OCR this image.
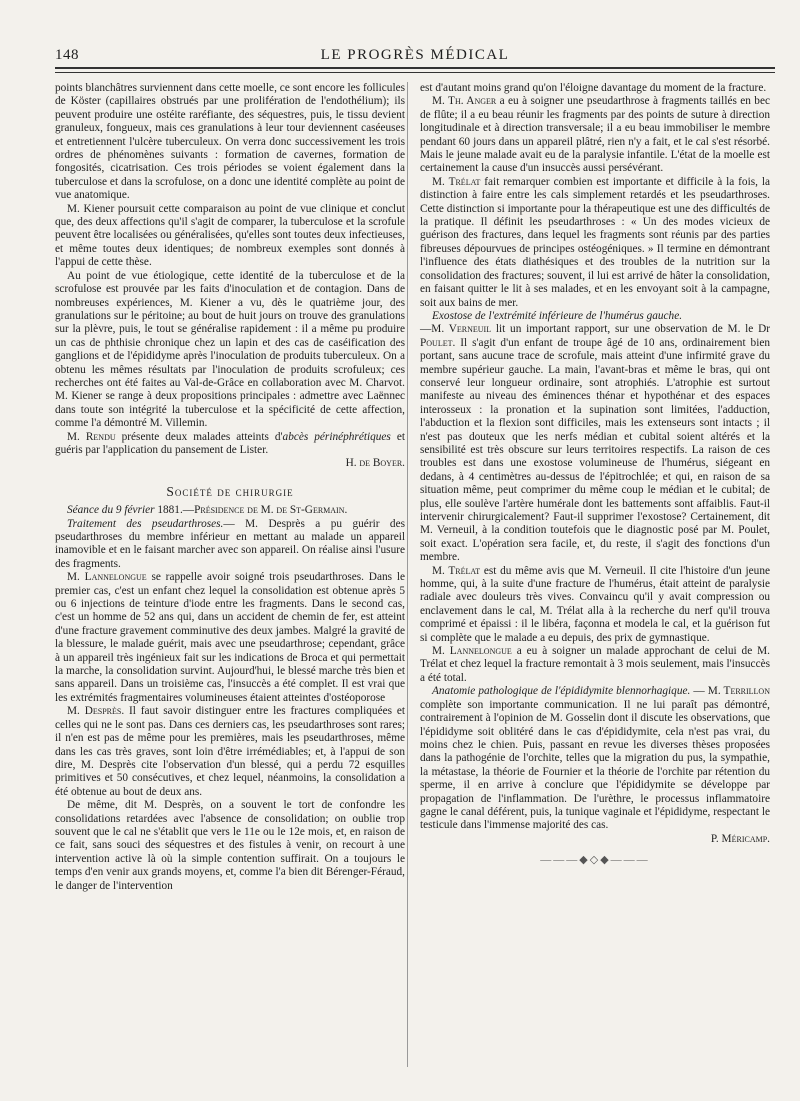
148	LE PROGRÈS MÉDICAL

points blanchâtres surviennent dans cette moelle, ce sont encore les follicules de Köster (capillaires obstrués par une prolifération de l'endothélium); ils peuvent produire une ostéite raréfiante, des séquestres, puis, le tissu devient granuleux, fongueux, mais ces granulations à leur tour deviennent caséeuses et entretiennent l'ulcère tuberculeux. On verra donc successivement les trois ordres de phénomènes suivants : formation de cavernes, formation de fongosités, cicatrisation. Ces trois périodes se voient également dans la tuberculose et dans la scrofulose, on a donc une identité complète au point de vue anatomique.

M. Kiener poursuit cette comparaison au point de vue clinique et conclut que, des deux affections qu'il s'agit de comparer, la tuberculose et la scrofule peuvent être localisées ou généralisées, qu'elles sont toutes deux infectieuses, et même toutes deux identiques; de nombreux exemples sont donnés à l'appui de cette thèse.

Au point de vue étiologique, cette identité de la tuberculose et de la scrofulose est prouvée par les faits d'inoculation et de contagion. Dans de nombreuses expériences, M. Kiener a vu, dès le quatrième jour, des granulations sur le péritoine; au bout de huit jours on trouve des granulations sur la plèvre, puis, le tout se généralise rapidement : il a même pu produire un cas de phthisie chronique chez un lapin et des cas de caséification des ganglions et de l'épididyme après l'inoculation de produits tuberculeux. On a obtenu les mêmes résultats par l'inoculation de produits scrofuleux; ces recherches ont été faites au Val-de-Grâce en collaboration avec M. Charvot. M. Kiener se range à deux propositions principales : admettre avec Laënnec dans toute son intégrité la tuberculose et la spécificité de cette affection, comme l'a démontré M. Villemin.

M. Rendu présente deux malades atteints d'abcès périnéphrétiques et guéris par l'application du pansement de Lister.

H. de Boyer.

Société de chirurgie

Séance du 9 février 1881.—Présidence de M. de St-Germain.

Traitement des pseudarthroses.— M. Desprès a pu guérir des pseudarthroses du membre inférieur en mettant au malade un appareil inamovible et en le faisant marcher avec son appareil. On réalise ainsi l'usure des fragments.

M. Lannelongue se rappelle avoir soigné trois pseudarthroses. Dans le premier cas, c'est un enfant chez lequel la consolidation est obtenue après 5 ou 6 injections de teinture d'iode entre les fragments. Dans le second cas, c'est un homme de 52 ans qui, dans un accident de chemin de fer, est atteint d'une fracture gravement comminutive des deux jambes. Malgré la gravité de la blessure, le malade guérit, mais avec une pseudarthrose; cependant, grâce à un appareil très ingénieux fait sur les indications de Broca et qui permettait la marche, la consolidation survint. Aujourd'hui, le blessé marche très bien et sans appareil. Dans un troisième cas, l'insuccès a été complet. Il est vrai que les extrémités fragmentaires volumineuses étaient atteintes d'ostéoporose

M. Desprès. Il faut savoir distinguer entre les fractures compliquées et celles qui ne le sont pas. Dans ces derniers cas, les pseudarthroses sont rares; il n'en est pas de même pour les premières, mais les pseudarthroses, même dans les cas très graves, sont loin d'être irrémédiables; et, à l'appui de son dire, M. Desprès cite l'observation d'un blessé, qui a perdu 72 esquilles primitives et 50 consécutives, et chez lequel, néanmoins, la consolidation a été obtenue au bout de deux ans.

De même, dit M. Desprès, on a souvent le tort de confondre les consolidations retardées avec l'absence de consolidation; on oublie trop souvent que le cal ne s'établit que vers le 11e ou le 12e mois, et, en raison de ce fait, sans souci des séquestres et des fistules à venir, on recourt à une intervention active là où la simple contention suffirait. On a toujours le temps d'en venir aux grands moyens, et, comme l'a bien dit Bérenger-Féraud, le danger de l'intervention

est d'autant moins grand qu'on l'éloigne davantage du moment de la fracture.

M. Th. Anger a eu à soigner une pseudarthrose à fragments taillés en bec de flûte; il a eu beau réunir les fragments par des points de suture à direction longitudinale et à direction transversale; il a eu beau immobiliser le membre pendant 60 jours dans un appareil plâtré, rien n'y a fait, et le cal s'est résorbé. Mais le jeune malade avait eu de la paralysie infantile. L'état de la moelle est certainement la cause d'un insuccès aussi persévérant.

M. Trélat fait remarquer combien est importante et difficile à la fois, la distinction à faire entre les cals simplement retardés et les pseudarthroses. Cette distinction si importante pour la thérapeutique est une des difficultés de la pratique. Il définit les pseudarthroses : « Un des modes vicieux de guérison des fractures, dans lequel les fragments sont réunis par des parties fibreuses dépourvues de principes ostéogéniques. » Il termine en démontrant l'influence des états diathésiques et des troubles de la nutrition sur la consolidation des fractures; souvent, il lui est arrivé de hâter la consolidation, en faisant quitter le lit à ses malades, et en les envoyant soit à la campagne, soit aux bains de mer.

Exostose de l'extrémité inférieure de l'humérus gauche.

—M. Verneuil lit un important rapport, sur une observation de M. le Dr Poulet. Il s'agit d'un enfant de troupe âgé de 10 ans, ordinairement bien portant, sans aucune trace de scrofule, mais atteint d'une infirmité grave du membre supérieur gauche. La main, l'avant-bras et même le bras, qui ont conservé leur longueur ordinaire, sont atrophiés. L'atrophie est surtout manifeste au niveau des éminences thénar et hypothénar et des espaces interosseux : la pronation et la supination sont limitées, l'adduction, l'abduction et la flexion sont difficiles, mais les extenseurs sont intacts ; il n'est pas douteux que les nerfs médian et cubital soient altérés et la sensibilité est très obscure sur leurs territoires respectifs. La raison de ces troubles est dans une exostose volumineuse de l'humérus, siégeant en dedans, à 4 centimètres au-dessus de l'épitrochlée; et qui, en raison de sa situation même, peut comprimer du même coup le médian et le cubital; de plus, elle soulève l'artère humérale dont les battements sont affaiblis. Faut-il intervenir chirurgicalement? Faut-il supprimer l'exostose? Certainement, dit M. Verneuil, à la condition toutefois que le diagnostic posé par M. Poulet, soit exact. L'opération sera facile, et, du reste, il s'agit des fonctions d'un membre.

M. Trélat est du même avis que M. Verneuil. Il cite l'histoire d'un jeune homme, qui, à la suite d'une fracture de l'humérus, était atteint de paralysie radiale avec douleurs très vives. Convaincu qu'il y avait compression ou enclavement dans le cal, M. Trélat alla à la recherche du nerf qu'il trouva comprimé et épaissi : il le libéra, façonna et modela le cal, et la guérison fut si complète que le malade a eu depuis, des prix de gymnastique.

M. Lannelongue a eu à soigner un malade approchant de celui de M. Trélat et chez lequel la fracture remontait à 3 mois seulement, mais l'insuccès a été total.

Anatomie pathologique de l'épididymite blennorhagique. — M. Terrillon complète son importante communication. Il ne lui paraît pas démontré, contrairement à l'opinion de M. Gosselin dont il discute les observations, que l'épididyme soit oblitéré dans le cas d'épididymite, cela n'est pas vrai, du moins chez le chien. Puis, passant en revue les diverses thèses proposées dans la pathogénie de l'orchite, telles que la migration du pus, la sympathie, la métastase, la théorie de Fournier et la théorie de l'orchite par rétention du sperme, il en arrive à conclure que l'épididymite se développe par propagation de l'inflammation. De l'urèthre, le processus inflammatoire gagne le canal déférent, puis, la tunique vaginale et l'épididyme, respectant le testicule dans l'immense majorité des cas.

P. Méricamp.

———◆◇◆———
